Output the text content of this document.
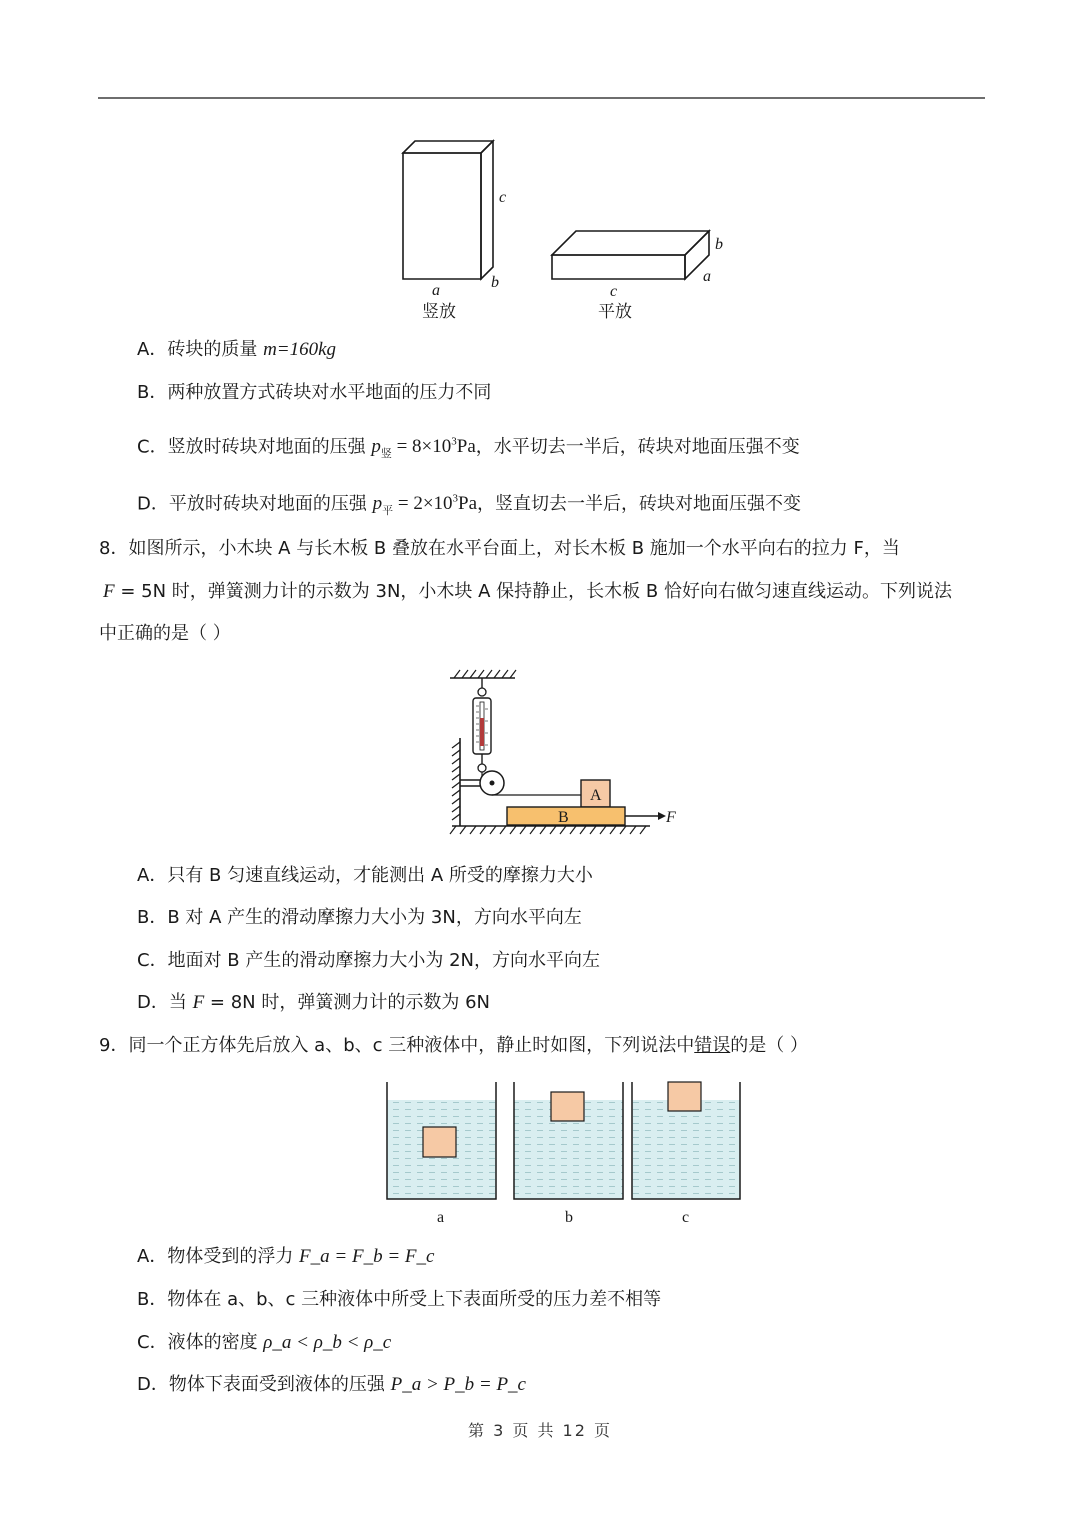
c
a	b
竖放
b
a
c
平放
A．砖块的质量 m=160kg
B．两种放置方式砖块对水平地面的压力不同
C．竖放时砖块对地面的压强 $p_竖 = 8\times 10^3Pa$，水平切去一半后，砖块对地面压强不变
D．平放时砖块对地面的压强 $p_平 = 2\times 10^3Pa$，竖直切去一半后，砖块对地面压强不变
8．如图所示，小木块 A 与长木板 B 叠放在水平台面上，对长木板 B 施加一个水平向右的拉力 F，当
F = 5N 时，弹簧测力计的示数为 3N，小木块 A 保持静止，长木板 B 恰好向右做匀速直线运动。下列说法
中正确的是（ ）
A
B	F
A．只有 B 匀速直线运动，才能测出 A 所受的摩擦力大小
B．B 对 A 产生的滑动摩擦力大小为 3N，方向水平向左
C．地面对 B 产生的滑动摩擦力大小为 2N，方向水平向左
D．当 F = 8N 时，弹簧测力计的示数为 6N
9．同一个正方体先后放入 a、b、c 三种液体中，静止时如图，下列说法中错误的是（ ）
a	b	c
A．物体受到的浮力 F_a = F_b = F_c
B．物体在 a、b、c 三种液体中所受上下表面所受的压力差不相等
C．液体的密度 ρ_a < ρ_b < ρ_c
D．物体下表面受到液体的压强 P_a > P_b = P_c
第 3 页 共 12 页
